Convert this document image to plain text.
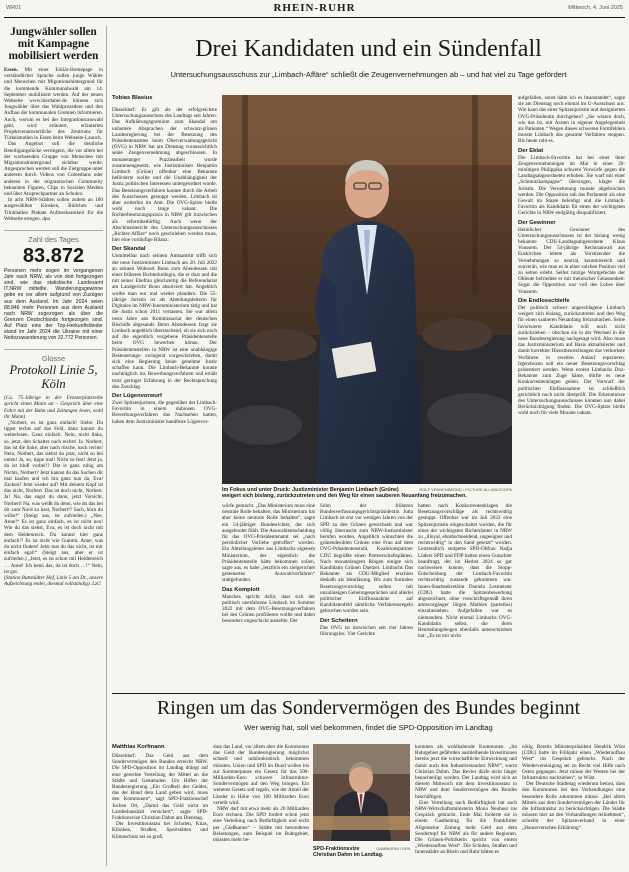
WR01	RHEIN-RUHR	Mittwoch, 4. Juni 2025
Jungwähler sollen mit Kampagne mobilisiert werden

Essen. Mit einer Erklär-Homepage in verständlicher Sprache sollen junge Wähler und Menschen mit Migrationshintergrund für die kommende Kommunalwahl am 14. September mobilisiert werden. Auf der neuen Webseite www.hierdabei.de können sich Jungwähler über das Wahlprozedere und den Aufbau der kommunalen Gremien informieren. Auch, worum es bei der Integrationsratswahl geht, wird erläutert, erläuterten Projektverantwortliche des Zentrums für Türkeistudien in Essen beim Webseite-Launch.

Das Angebot soll die deutliche Beteiligungslücke verringern, die vor allem bei der wachsenden Gruppe von Menschen mit Migrationshintergrund sichtbar werde. Angesprochen werden soll die Zielgruppe unter anderem durch Videos von Comedians oder anderen in der migrantischen Community bekannten Figuren, Clips in Sozialen Medien und über Ansprechpartner an Schulen.

In acht NRW-Städten sollen zudem an 100 ausgewählten Kiosken, Büdchen und Trinkhallen Plakate Aufmerksamkeit für die Webseite erregen. dpa

Zahl des Tages
83.872

Personen mehr zogen im vergangenen Jahr nach NRW, als von dort fortgezogen sind, wie das statistische Landesamt IT.NRW mitteilte. Wanderungsgewinne gebe es vor allem aufgrund von Zuzügen aus dem Ausland. Im Jahr 2024 seien 88.846 mehr Personen aus dem Ausland nach NRW zugezogen als über die Grenzen Deutschlands fortgezogen sind. Auf Platz eins der Top-Herkunftsländer stand im Jahr 2024 die Ukraine mit einer Nettozuwanderung von 32.772 Personen.

Glosse
Protokoll Linie 5, Köln

(Ca. 75-Jährige in der Fensterplatzreihe spricht einen Mann an – Gespräch über eine Fahrt mit der Bahn und Zeitungen lesen, wohl ihr Mann)

„Norbert, es ist ganz einfach! Siehe: Du tippst rechts auf das Feld, dann kannst du weiterlesen. Ganz einfach. Nein, nicht links, so, jetzt, den Schalter nach rechts! Ja. Norbert, das ist die linke, aber nach rüsche, nach rechts! Nein, Norbert, das siehst du jetzt, nicht so bei unten! Ja, so, tippe mal! Nicht so fest! Jetzt ja, da ist bloß vorbei!? Dat is ganz ruhig am Nichts, Norbert? Jetzt kannst du das Suchen dir mal kaufen und ich bin ganz nun da, Eva! Zacken? Jetzt wieder auf! Mit deinem Kopf ist das nicht, Norbert. Das ist doch nicht, Norbert. Ja! Na, das sagst du dann, jetzt Vorsicht, Norbert! Na, was weißt du denn, wie du das bei dir zum Nord zu hast, Norbert!? Sach, hörn du willst!“ (Steigt aus, ist zufrieden.) „Nee, Anne!“ Es ist ganz einfach, es ist nicht neu! Wie du das siehst, Eva, es ist doch nicht mit dem Heidenreich. Du kannst hier ganz einfach!? Es ist nicht wie Gummi, Anne, was du nicht findest! Jetzt tust du das nicht, ist mir einfach egal!“ (Steigt aus, aber er ist zufrieden.) „Jetzt, es ist schon mit Heidenreich … Anne! Ich kenn das, da ist doch …!“ Nein, ist gut.

(Station Buttstädter Hof, Linie 5 am Dr., unsere Aufzeichnung endet, diesmal vollständig). LzG

Drei Kandidaten und ein Sündenfall
Untersuchungsausschuss zur „Limbach-Affäre“ schließt die Zeugenvernehmungen ab – und hat viel zu Tage gefördert
Tobias Blasius

Düsseldorf. Er gilt als der erfolgreichste Untersuchungsausschuss des Landtags seit Jahren. Das Aufklärungsgremium zum Skandal um unlautere Absprachen der schwarz-grünen Landesregierung bei der Besetzung des Präsidentenamtes beim Oberverwaltungsgericht (OVG) in NRW hat am Dienstag voraussichtlich seine Zeugenvernehmung abgeschlossen. In monatelanger Puzzlearbeit wurde zusammengesetzt, wie Justizminister Benjamin Limbach (Grüne) offenbar eine Bekannte beförderte wollte und die Unabhängigkeit der Justiz politischen Interessen untergeordnet wurde. Das Besetzungsverfahren konnte durch die Arbeit des Ausschusses gestoppt werden. Limbach ist aber weiterhin im Amt. Die OVG-Spitze bleibt wohl noch lange vakant. Die Richterbesetzungspraxis in NRW gilt inzwischen als reformbedürftig. Auch wenn der Abschlussbericht des Untersuchungsausschusses „Richter-Affäre“ noch geschrieben werden muss, hier eine vorläufige Bilanz:

Der Skandal

Unmittelbar nach seinem Amtsantritt trifft sich der neue Justizminister Limbach am 20. Juli 2022 an seinem Wohnort Bonn zum Abendessen mit einer früheren Richterkollegin, die er duzt und die mit seiner Ehefrau gleichzeitig die Referendariat am Landgericht Bonn absolviert hat. Angeblich wollte man nur mal wieder plaudern. Die 55-jährige Juristin ist als Abteilungsleiterin für Digitales im NRW-Innenministerium tätig und hat die Justiz schon 2011 verlassen. Sie war allein neun Jahre ans Kommissariat der deutschen Bischöfe abgesandt. Beim Abendessen fragt sie Limbach angeblich überraschend, ob sie sich noch auf die eigentlich vergebene Präsidentenstelle beim OVG bewerben könne. Der Präsidentenstellen in NRW ist eine unabhängige Besteuerungs- zwingend vorgeschrieben, damit sich eine Regierung keine genehme Justiz schaffen kann. Die Limbach-Bekannte konnte nachträglich ins Bewerbungsverfahren und erhält trotz geringer Erfahrung in der Rechtsprechung den Zuschlag.

Der Lügenvorwurf

Zwei Spitzenjuristen, die gegenüber der Limbach-Favoritin in einem dubiosen OVG-Bewerbungsverfahren das Nachsehen hatten, haben dem Justizminister handfeste Lügenvor-

ROLF VENNENBERND / PICTURE ALLIANCE/DPA
Im Fokus und unter Druck: Justizminister Benjamin Limbach (Grüne) weigert sich bislang, zurückzutreten und den Weg für einen sauberen Neuanfang freizumachen.

würfe gemacht. „Das Ministerium muss eine neutrale Rolle behalten, das Ministerium hat aber keine neutrale Rolle behalten“, sagte ein 54-jähriger Bundesrichter, der sich ausgebootet fühlt. Die Auswahlentscheidung für das OVG-Präsidentenamt sei „nach persönlicher Vorliebe getroffen“ worden. Ein Abteilungsleiter aus Limbachs eigenem Ministerium, der eigentlich die Präsidentenstelle hätte bekommen sollen, sagte aus, es habe „letztlich ein zielgerichtet gesteuertes Auswahlverfahren“ stattgefunden.

Das Komplott

Manches spricht dafür, dass sich der politisch unerfahrene Limbach im Sommer 2022 mit dem OVG-Besetzungsverfahren bei den Grünen profilieren wollte und dabei besonders ungeschickt anstellte. Der

Sohn der früheren Bundesverfassungsgerichtspräsidentin Jutta Limbach ist erst vor wenigen Jahren von der SPD zu den Grünen gewechselt und war völlig überrascht zum NRW-Justizminister berufen worden. Angeblich wünschten die grünendesiblen Grünen eine Frau auf dem OVG-Präsidentenstuhl, Koalitionspartner CDU begrüßte einen Partnerschaftsplänen. Nach monatelangem Ringen einigte sich Kandidatin Grünen Duetzel. Limbachs Das Bekannte als CDU-Mitglied erschien deshalb als Idealläsung. Bis zum formalen Besetzungsvorschlag sollen mit unzulässigen Geheimgesprächen und allerlei politischer Einflussnahme auf Kandidatenfeld sämtliche Verfahrensregeln gebrochen worden sein.

Der Scheitern

Das OVG ist inzwischen seit vier Jahren führungslos. Vier Gerichte

hatten nach Konkurrentenklagen die Besetzungsvorschläge als rechtswidrig gestoppt. Offenbar war im Juli 2022 eine Spitzenjuristin eingeschaltet worden, die für eines der wichtigsten Richterämter in NRW zu „illoyal, ehrabschneidend, ungeeignet und rechtswidrig“ in den Sand gesetzt“ worden. Letztendlich stolperte SPD-Obfrau Nadja Lüders SPD und FDP hatten einen Gutachter beauftragt, der im Herbst 2024 so gar nachweisen konnte, dass die Stopp-Entscheidung der Limbach-Favoritin rechtswidrig zustande gekommen war. Innen-Staatssekretärin Daniela Lesmeister (CDU) hatte die Spitzenbewerbung abgezeichnet, ohne vorschriftsgemäß ihren amtsvorgänger Jürgen Mathies (parteilos) einzubeziehen. Aufgefallen war es niemandem. Nicht einmal Limbachs OVG-Kandidatin selbst, die ihren Beurteilungsbogen ebenfalls unterschrieben hat: „Es ist mir nicht

aufgefallen, sonst hätte ich es beanstandet“, sagte sie am Dienstag noch einmal im U-Ausschuss aus. Wie kann das einer Spitzenjuristin und designierten OVG-Präsidentin durchgehen? „Sie wissen doch, wie das ist, mit Ärzten in eigener Angelegenheit als Patienten.“ Wegen dieses schweren Formfehlers musste Limbach das gesamte Verfahren stoppen. Bis heute ruht es.

Der Eklat

Die Limbach-Favoritin hat bei einer ihrer Zeugenvernehmungen im Mai in einer 20-minütigen Philippika schwere Vorwürfe gegen die Landtagsabgeordneten erhoben. Sie warf mit einer „Schmutzkampagne“ überzogen, klagte die Juristin. Die Vernehmung musste abgebrochen werden. Die Opposition sah das Parlament als eine Gewalt im Staate beleidigt und die Limbach-Favoritin als Kandidatin für einen der wichtigsten Gerichte in NRW endgültig disqualifiziert.

Der Gewinner

Heimlicher Gewinner des Untersuchungsausschusses ist der bislang wenig bekannte CDU-Landtagsabgeordnete Klaus Voussem. Der 54-jährige Rechtsanwalt aus Euskirchen leitete als Vorsitzender die Vernehmungen so neutral, kenntnisreich und souverän, wie man es in einer solchen Position viel zu selten erlebt. Selbst hitzige Wortgefechte der Obleute befriedete er mit rheinischer Gelassenheit. Sogar die Opposition war voll des Lobes über Voussem.

Die Endlosschleife

Der politisch schwer angeschlagene Limbach weigert sich bislang, zurückzutreten und den Weg für einen sauberen Neuanfang freizumachen. Seine favorisierte Kandidatin will noch nicht zurückziehen – obschon sie in der Wechsel in die neue Bundesregierung nachgesagt wird. Also muss das Justizministerium auf Basis aktualisierter und damit korrekter Dienstbeurteilungen das verkorkste Verfahren in zweiten Anlauf reparieren. Irgendwann soll ein neuer Besetzungsvorschlag präsentiert werden. Wenn erneut Limbachs Duz-Bekannte zum Zuge käme, dürfte es neue Konkurrentenklagen geben. Der Vorwurf der politischen Einflussnahme ist schließlich gerichtlich noch nicht überprüft. Die Erkenntnisse des Untersuchungsausschusses könnten nun dabei Berücksichtigung finden. Die OVG-Spitze bleibt wohl noch für viele Monate vakant.

Ringen um das Sondervermögen des Bundes beginnt
Wer wenig hat, soll viel bekommen, findet die SPD-Opposition im Landtag
Matthias Korfmann

Düsseldorf. Das Geld aus dem Sondervermögen des Bundes erreicht NRW. Die SPD-Opposition im Landtag drängt auf eine gerechte Verteilung der Mittel an die Städte und Gemeinden. Um Hilfen der Bundesregierung „Ein Großteil des Geldes, das der Bund dem Land geben wird, muss den Kommunen“, sagt SPD-Fraktionschef Jochen Ott, „Damit das Geld nicht im Landeshaushalt versickert“, sagte SPD-Fraktionsvize Christian Dahm am Dienstag.

Der Investitionsstau bei Schulen, Kitas, Kliniken, Straßen, Sportstätten und Klimaschutz sei so groß,

dass das Land, vor allem aber die Kommunen das Geld der Bundesregierung möglichst schnell und unbürokratisch bekommen müssten. Union und SPD im Bund wollen bis zur Sommerpause ein Gesetz für das 500-Milliarden-Euro schwere Infrastruktur-Sondervermögen auf den Weg bringen. Ein weiteres Gesetz soll regeln, wie der Anteil der Länder in Höhe von 100 Milliarden Euro verteilt wird.

NRW darf mit etwa mehr als 20 Milliarden Euro rechnen. Die SPD fordert schon jetzt eine Verteilung nach Bedürftigkeit und nicht per „Gießkanne“ – Städte mit besonderen Belastungen, zum Beispiel im Ruhrgebiet, müssten mehr be-

GAMBARINI / DPA
SPD-Fraktionsvize Christian Dahm im Landtag.

kommen als wohlhabende Kommunen. „Im Ruhrgebiet gefährden ausbleibende Investitionen bereits jetzt die wirtschaftliche Entwicklung und damit auch den Industriestandort NRW“, warnt Christian Dahm. Das Revier dürfe nicht länger benachteiligt werden. Der Landtag wird sich an diesem Mittwoch mit dem Investitionsstau in NRW und dem Sondervermögen des Bundes beschäftigen.

Eine Verteilung nach Bedürftigkeit hat auch NRW-Wirtschaftsministerin Mona Neubaur ins Gespräch gebracht. Ende Mai forderte sie in einem Gastbeitrag für die Frankfurter Allgemeine Zeitung mehr Geld aus dem Sondertopf für NRW als für andere Regionen. Die Grünen-Politikerin spricht von einem „Wiederaufbau West“. Die Schulen, Straßen und Innenstädte an Rhein und Ruhr hätten es

nötig. Bereits Ministerpräsident Hendrik Wüst (CDU) hatte im Frühjahr einen „Wiederaufbau West“ ins Gespräch gebracht. Nach der Wiedervereinigung sei zu Recht viel Hilfe nach Osten gegangen. Jetzt müsse der Westen bei der Infrastruktur nachziehen“, so Wüst.

Der Deutsche Städtetag wiederum betont, dass den Kommunen bei den Verhandlungen eine besondere Rolle zukommen müsse. „Bei allem Mittels aus dem Sondervermögen der Länder für die Infrastruktur zu berücksichtigen. Die Städte müssen hier an den Verhandlungen teilnehmen“, schreibt der Spitzenverband in einer „Hannoverschen Erklärung“.
